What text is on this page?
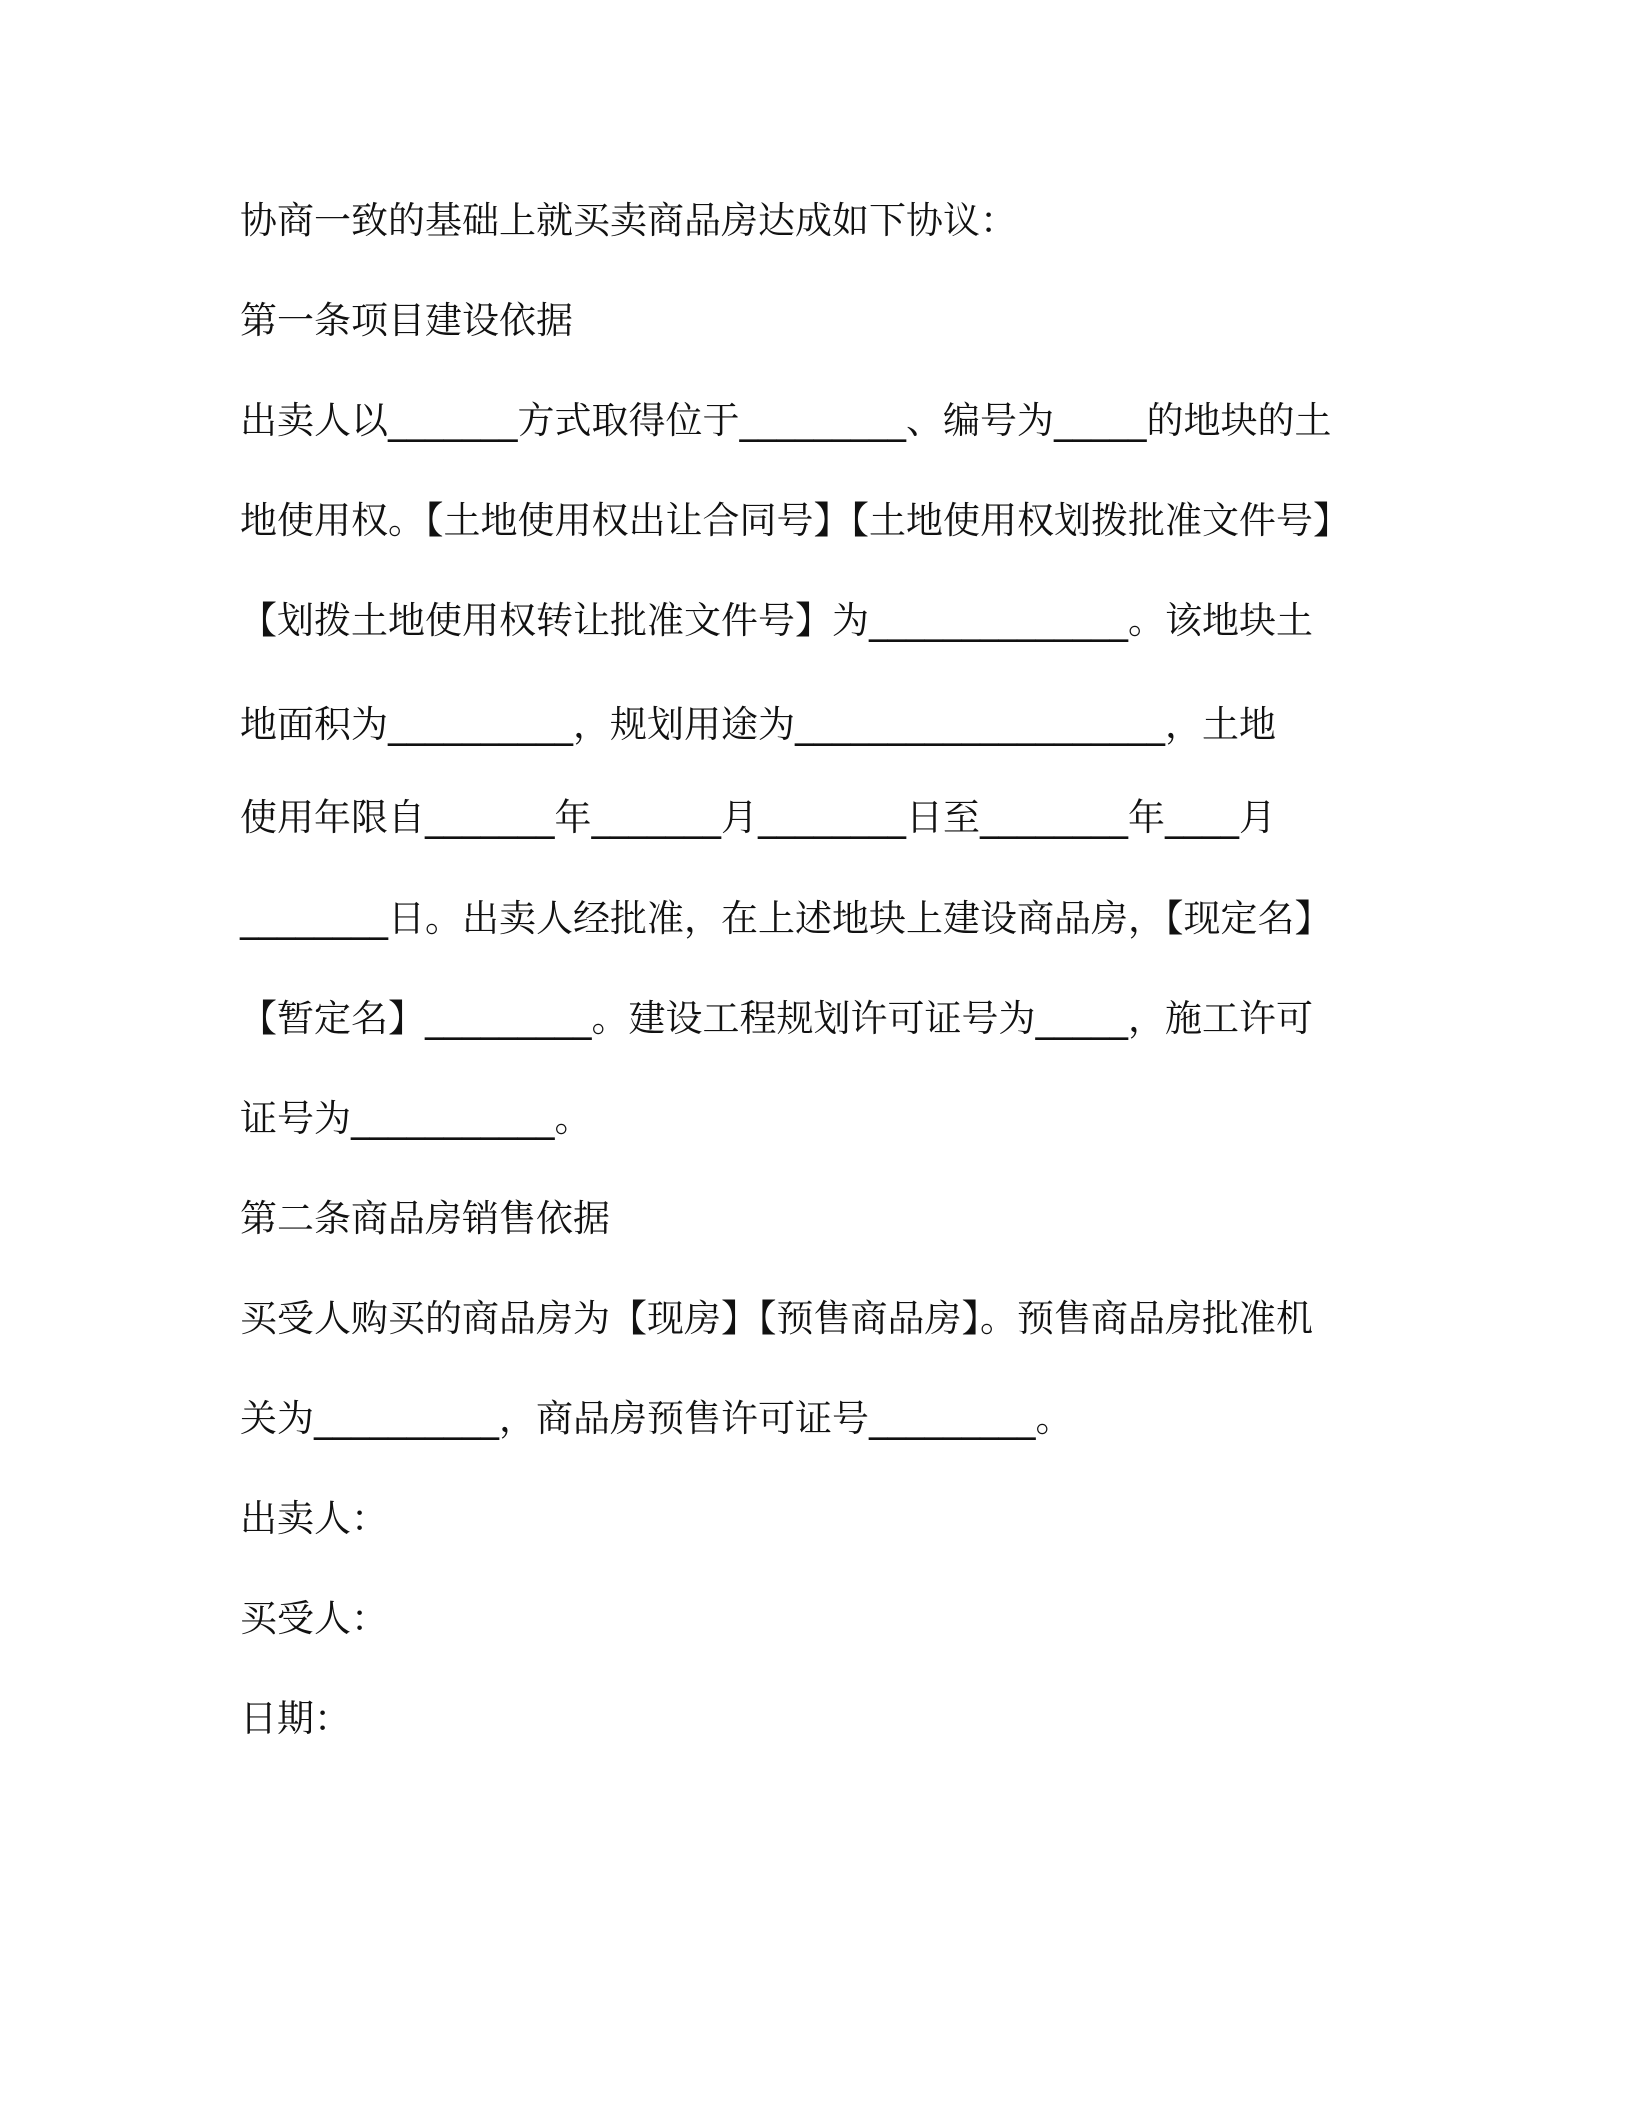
协商一致的基础上就买卖商品房达成如下协议：
第一条项目建设依据
出卖人以_______方式取得位于_________、编号为_____的地块的土
地使用权。【土地使用权出让合同号】【土地使用权划拨批准文件号】
【划拨土地使用权转让批准文件号】为______________。该地块土
地面积为__________，规划用途为____________________，土地
使用年限自_______年_______月________日至________年____月
________日。出卖人经批准，在上述地块上建设商品房，【现定名】
【暂定名】_________。建设工程规划许可证号为_____，施工许可
证号为___________。
第二条商品房销售依据
买受人购买的商品房为【现房】【预售商品房】。预售商品房批准机
关为__________，商品房预售许可证号_________。
出卖人：
买受人：
日期：
